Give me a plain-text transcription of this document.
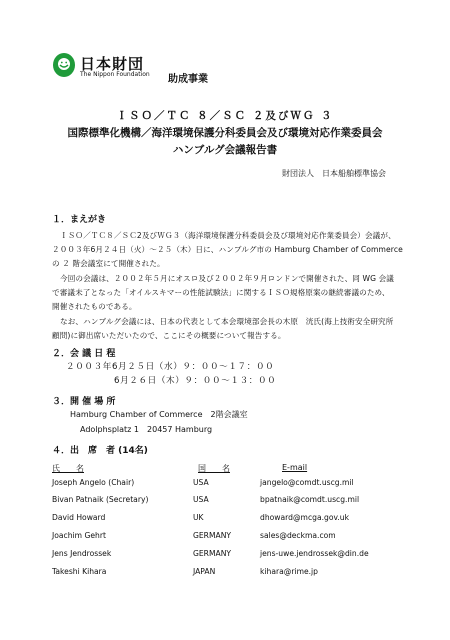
日本財団
The Nippon Foundation 助成事業
ＩＳＯ／ＴＣ ８／ＳＣ ２及びＷＧ ３
国際標準化機構／海洋環境保護分科委員会及び環境対応作業委員会
ハンブルグ会議報告書
財団法人　日本船舶標準協会
１．まえがき
ＩＳＯ／ＴＣ８／ＳＣ2及びＷＧ３（海洋環境保護分科委員会及び環境対応作業委員会）会議が、
２００３年6月２４日（火）～２５（木）日に、ハンブルグ市の Hamburg Chamber of Commerce
の ２ 階会議室にて開催された。
今回の会議は、２００２年５月にオスロ及び２００２年９月ロンドンで開催された、同 WG 会議
で審議未了となった「オイルスキマーの性能試験法」に関するＩＳＯ規格原案の継続審議のため、
開催されたものである。
なお、ハンブルグ会議には、日本の代表として本会環境部会長の木原　洸氏(海上技術安全研究所
顧問)に御出席いただいたので、ここにその概要について報告する。
２．会 議 日 程
２００３年6月２５日（水）９：００～１７：００
6月２６日（木）９：００～１３：００
３．開 催 場 所
Hamburg Chamber of Commerce　2階会議室
Adolphsplatz 1　20457 Hamburg
４．出　席　者 (14名)
氏　　名	国　　名	E-mail
Joseph Angelo (Chair)	USA	jangelo@comdt.uscg.mil
Bivan Patnaik (Secretary)	USA	bpatnaik@comdt.uscg.mil
David Howard	UK	dhoward@mcga.gov.uk
Joachim Gehrt	GERMANY	sales@deckma.com
Jens Jendrossek	GERMANY	jens-uwe.jendrossek@din.de
Takeshi Kihara	JAPAN	kihara@rime.jp
